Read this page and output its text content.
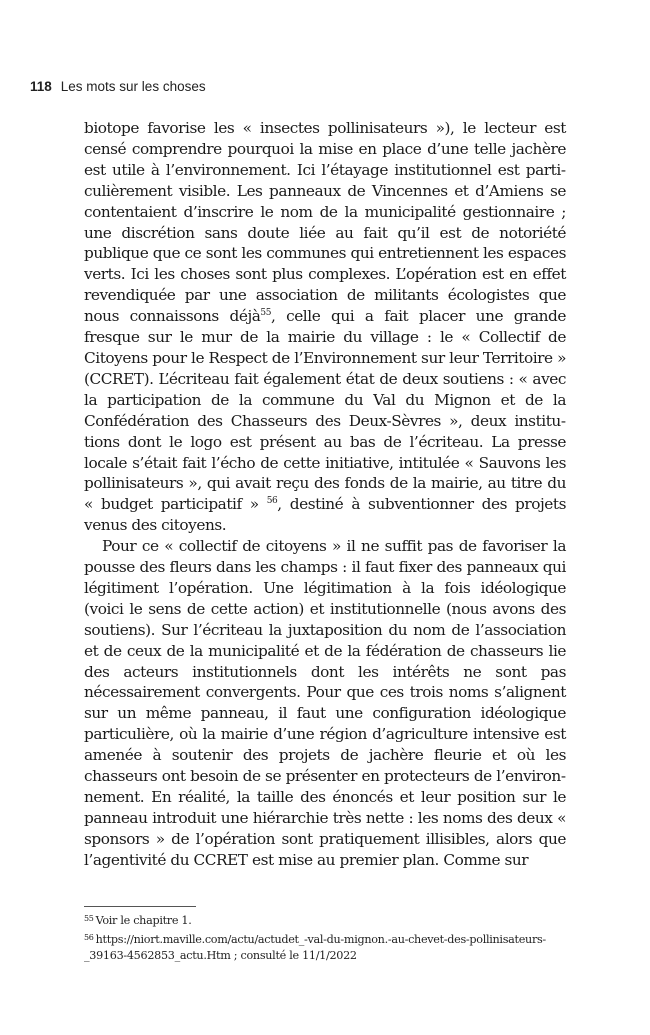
118 Les mots sur les choses

biotope favorise les « insectes pollinisateurs »), le lecteur est censé comprendre pourquoi la mise en place d’une telle jachère est utile à l’environnement. Ici l’étayage institutionnel est particulièrement visible. Les panneaux de Vincennes et d’Amiens se contentaient d’inscrire le nom de la municipalité gestionnaire ; une discrétion sans doute liée au fait qu’il est de notoriété publique que ce sont les communes qui entretiennent les espaces verts. Ici les choses sont plus complexes. L’opération est en effet revendiquée par une association de militants écologistes que nous connaissons déjà$^{55}$, celle qui a fait placer une grande fresque sur le mur de la mairie du village : le « Collectif de Citoyens pour le Respect de l’Environnement sur leur Territoire » (CCRET). L’écriteau fait également état de deux soutiens : « avec la participation de la commune du Val du Mignon et de la Confédération des Chasseurs des Deux-Sèvres », deux institutions dont le logo est présent au bas de l’écriteau. La presse locale s’était fait l’écho de cette initiative, intitulée « Sauvons les pollinisateurs », qui avait reçu des fonds de la mairie, au titre du « budget participatif » $^{56}$, destiné à subventionner des projets venus des citoyens.

Pour ce « collectif de citoyens » il ne suffit pas de favoriser la pousse des fleurs dans les champs : il faut fixer des panneaux qui légitiment l’opération. Une légitimation à la fois idéologique (voici le sens de cette action) et institutionnelle (nous avons des soutiens). Sur l’écriteau la juxtaposition du nom de l’association et de ceux de la municipalité et de la fédération de chasseurs lie des acteurs institutionnels dont les intérêts ne sont pas nécessairement convergents. Pour que ces trois noms s’alignent sur un même panneau, il faut une configuration idéologique particulière, où la mairie d’une région d’agriculture intensive est amenée à soutenir des projets de jachère fleurie et où les chasseurs ont besoin de se présenter en protecteurs de l’environnement. En réalité, la taille des énoncés et leur position sur le panneau introduit une hiérarchie très nette : les noms des deux « sponsors » de l’opération sont pratiquement illisibles, alors que l’agentivité du CCRET est mise au premier plan. Comme sur

$^{55}$ Voir le chapitre 1.
$^{56}$ https://niort.maville.com/actu/actudet_-val-du-mignon.-au-chevet-des-pollinisateurs-_39163-4562853_actu.Htm ; consulté le 11/1/2022
